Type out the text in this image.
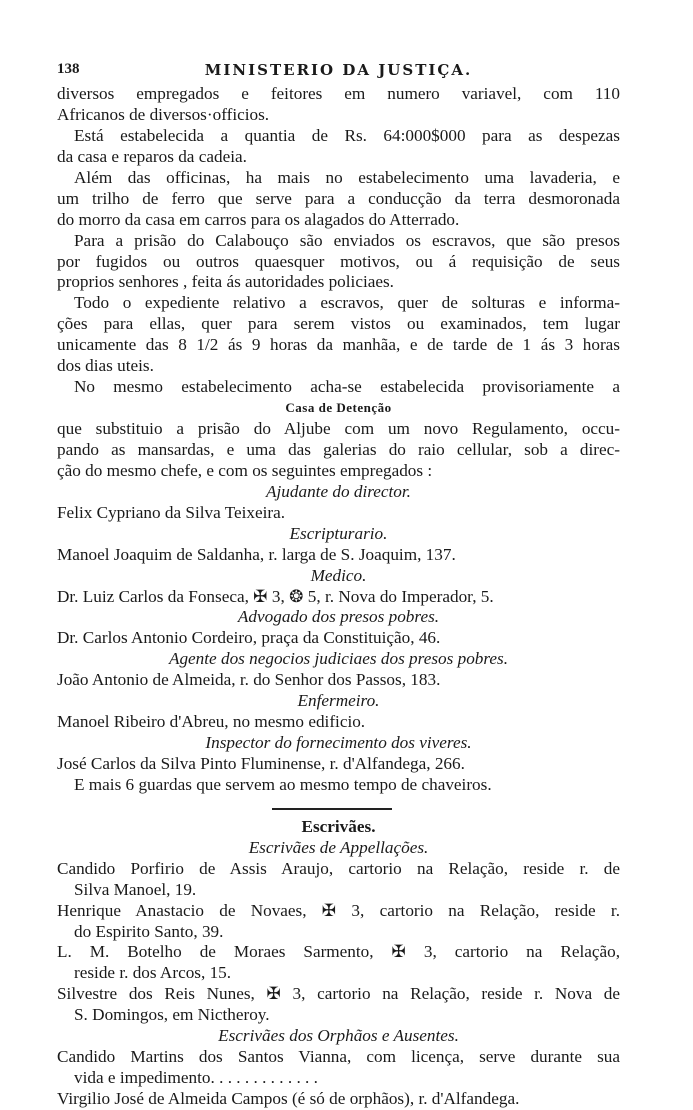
138	MINISTERIO DA JUSTIÇA.
diversos empregados e feitores em numero variavel, com 110
Africanos de diversos·officios.
Está estabelecida a quantia de Rs. 64:000$000 para as despezas
da casa e reparos da cadeia.
Além das officinas, ha mais no estabelecimento uma lavaderia, e
um trilho de ferro que serve para a conducção da terra desmoronada
do morro da casa em carros para os alagados do Atterrado.
Para a prisão do Calabouço são enviados os escravos, que são presos
por fugidos ou outros quaesquer motivos, ou á requisição de seus
proprios senhores , feita ás autoridades policiaes.
Todo o expediente relativo a escravos, quer de solturas e informa-
ções para ellas, quer para serem vistos ou examinados, tem lugar
unicamente das 8 1/2 ás 9 horas da manhãa, e de tarde de 1 ás 3 horas
dos dias uteis.
No mesmo estabelecimento acha-se estabelecida provisoriamente a
Casa de Detenção
que substituio a prisão do Aljube com um novo Regulamento, occu-
pando as mansardas, e uma das galerias do raio cellular, sob a direc-
ção do mesmo chefe, e com os seguintes empregados :
Ajudante do director.
Felix Cypriano da Silva Teixeira.
Escripturario.
Manoel Joaquim de Saldanha, r. larga de S. Joaquim, 137.
Medico.
Dr. Luiz Carlos da Fonseca, ✠ 3, ❂ 5, r. Nova do Imperador, 5.
Advogado dos presos pobres.
Dr. Carlos Antonio Cordeiro, praça da Constituição, 46.
Agente dos negocios judiciaes dos presos pobres.
João Antonio de Almeida, r. do Senhor dos Passos, 183.
Enfermeiro.
Manoel Ribeiro d'Abreu, no mesmo edificio.
Inspector do fornecimento dos viveres.
José Carlos da Silva Pinto Fluminense, r. d'Alfandega, 266.
E mais 6 guardas que servem ao mesmo tempo de chaveiros.
Escrivães.
Escrivães de Appellações.
Candido Porfirio de Assis Araujo, cartorio na Relação, reside r. de
Silva Manoel, 19.
Henrique Anastacio de Novaes, ✠ 3, cartorio na Relação, reside r.
do Espirito Santo, 39.
L. M. Botelho de Moraes Sarmento, ✠ 3, cartorio na Relação,
reside r. dos Arcos, 15.
Silvestre dos Reis Nunes, ✠ 3, cartorio na Relação, reside r. Nova de
S. Domingos, em Nictheroy.
Escrivães dos Orphãos e Ausentes.
Candido Martins dos Santos Vianna, com licença, serve durante sua
vida e impedimento. . . . . . . . . . . . .
Virgilio José de Almeida Campos (é só de orphãos), r. d'Alfandega.
